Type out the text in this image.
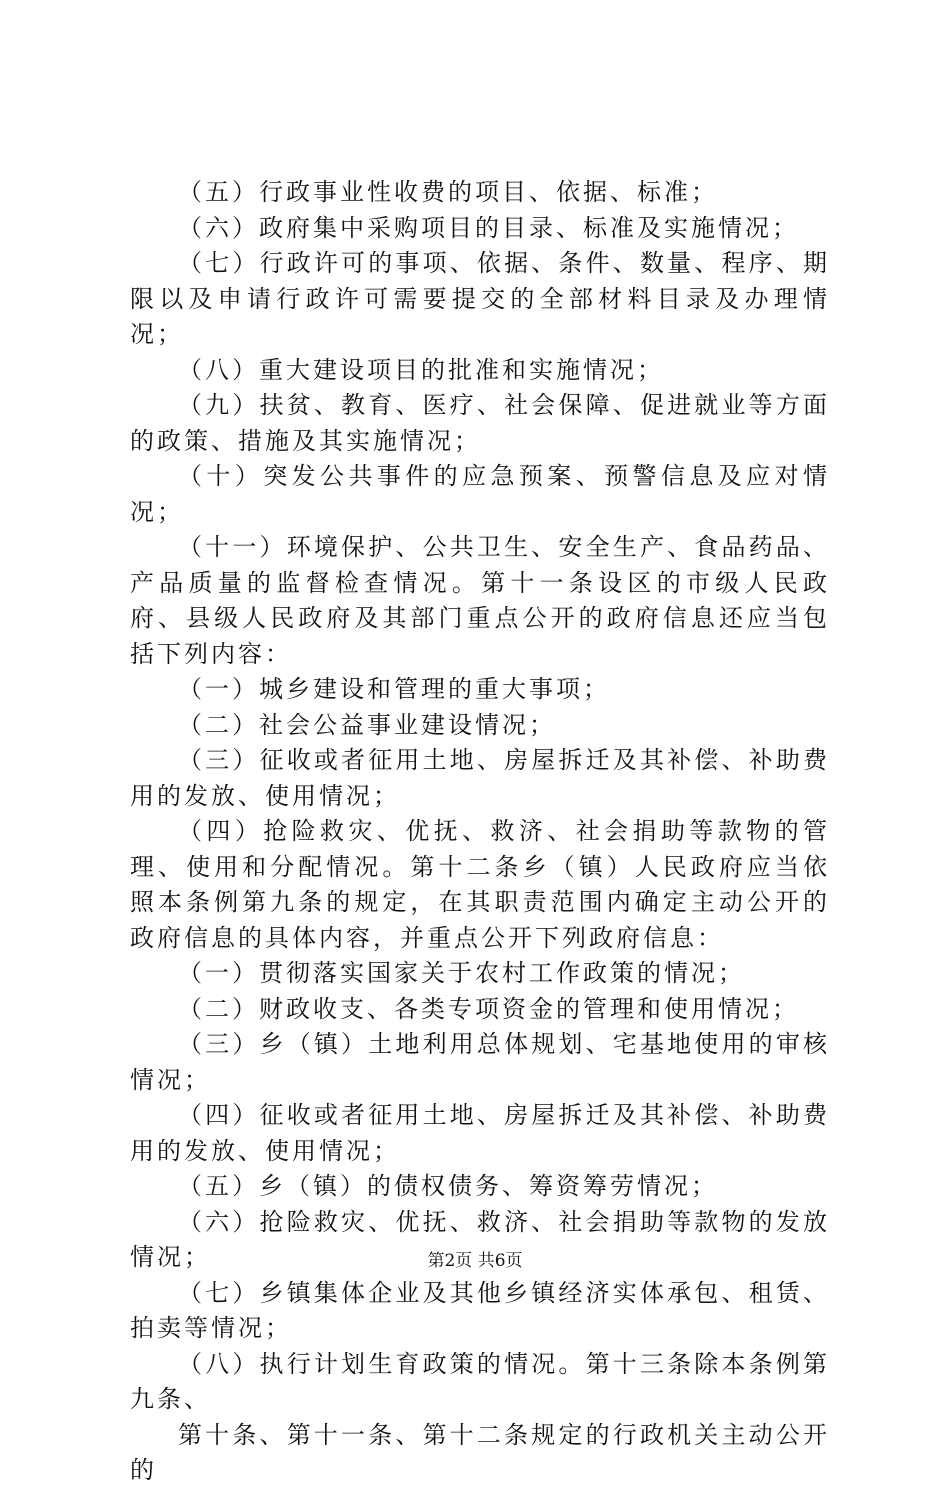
（五）行政事业性收费的项目、依据、标准；

（六）政府集中采购项目的目录、标准及实施情况；

（七）行政许可的事项、依据、条件、数量、程序、期限以及申请行政许可需要提交的全部材料目录及办理情况；

（八）重大建设项目的批准和实施情况；

（九）扶贫、教育、医疗、社会保障、促进就业等方面的政策、措施及其实施情况；

（十）突发公共事件的应急预案、预警信息及应对情况；

（十一）环境保护、公共卫生、安全生产、食品药品、产品质量的监督检查情况。第十一条设区的市级人民政府、县级人民政府及其部门重点公开的政府信息还应当包括下列内容：

（一）城乡建设和管理的重大事项；

（二）社会公益事业建设情况；

（三）征收或者征用土地、房屋拆迁及其补偿、补助费用的发放、使用情况；

（四）抢险救灾、优抚、救济、社会捐助等款物的管理、使用和分配情况。第十二条乡（镇）人民政府应当依照本条例第九条的规定，在其职责范围内确定主动公开的政府信息的具体内容，并重点公开下列政府信息：

（一）贯彻落实国家关于农村工作政策的情况；

（二）财政收支、各类专项资金的管理和使用情况；

（三）乡（镇）土地利用总体规划、宅基地使用的审核情况；

（四）征收或者征用土地、房屋拆迁及其补偿、补助费用的发放、使用情况；

（五）乡（镇）的债权债务、筹资筹劳情况；

（六）抢险救灾、优抚、救济、社会捐助等款物的发放情况；

（七）乡镇集体企业及其他乡镇经济实体承包、租赁、拍卖等情况；

（八）执行计划生育政策的情况。第十三条除本条例第九条、

第十条、第十一条、第十二条规定的行政机关主动公开的

第2页 共6页
